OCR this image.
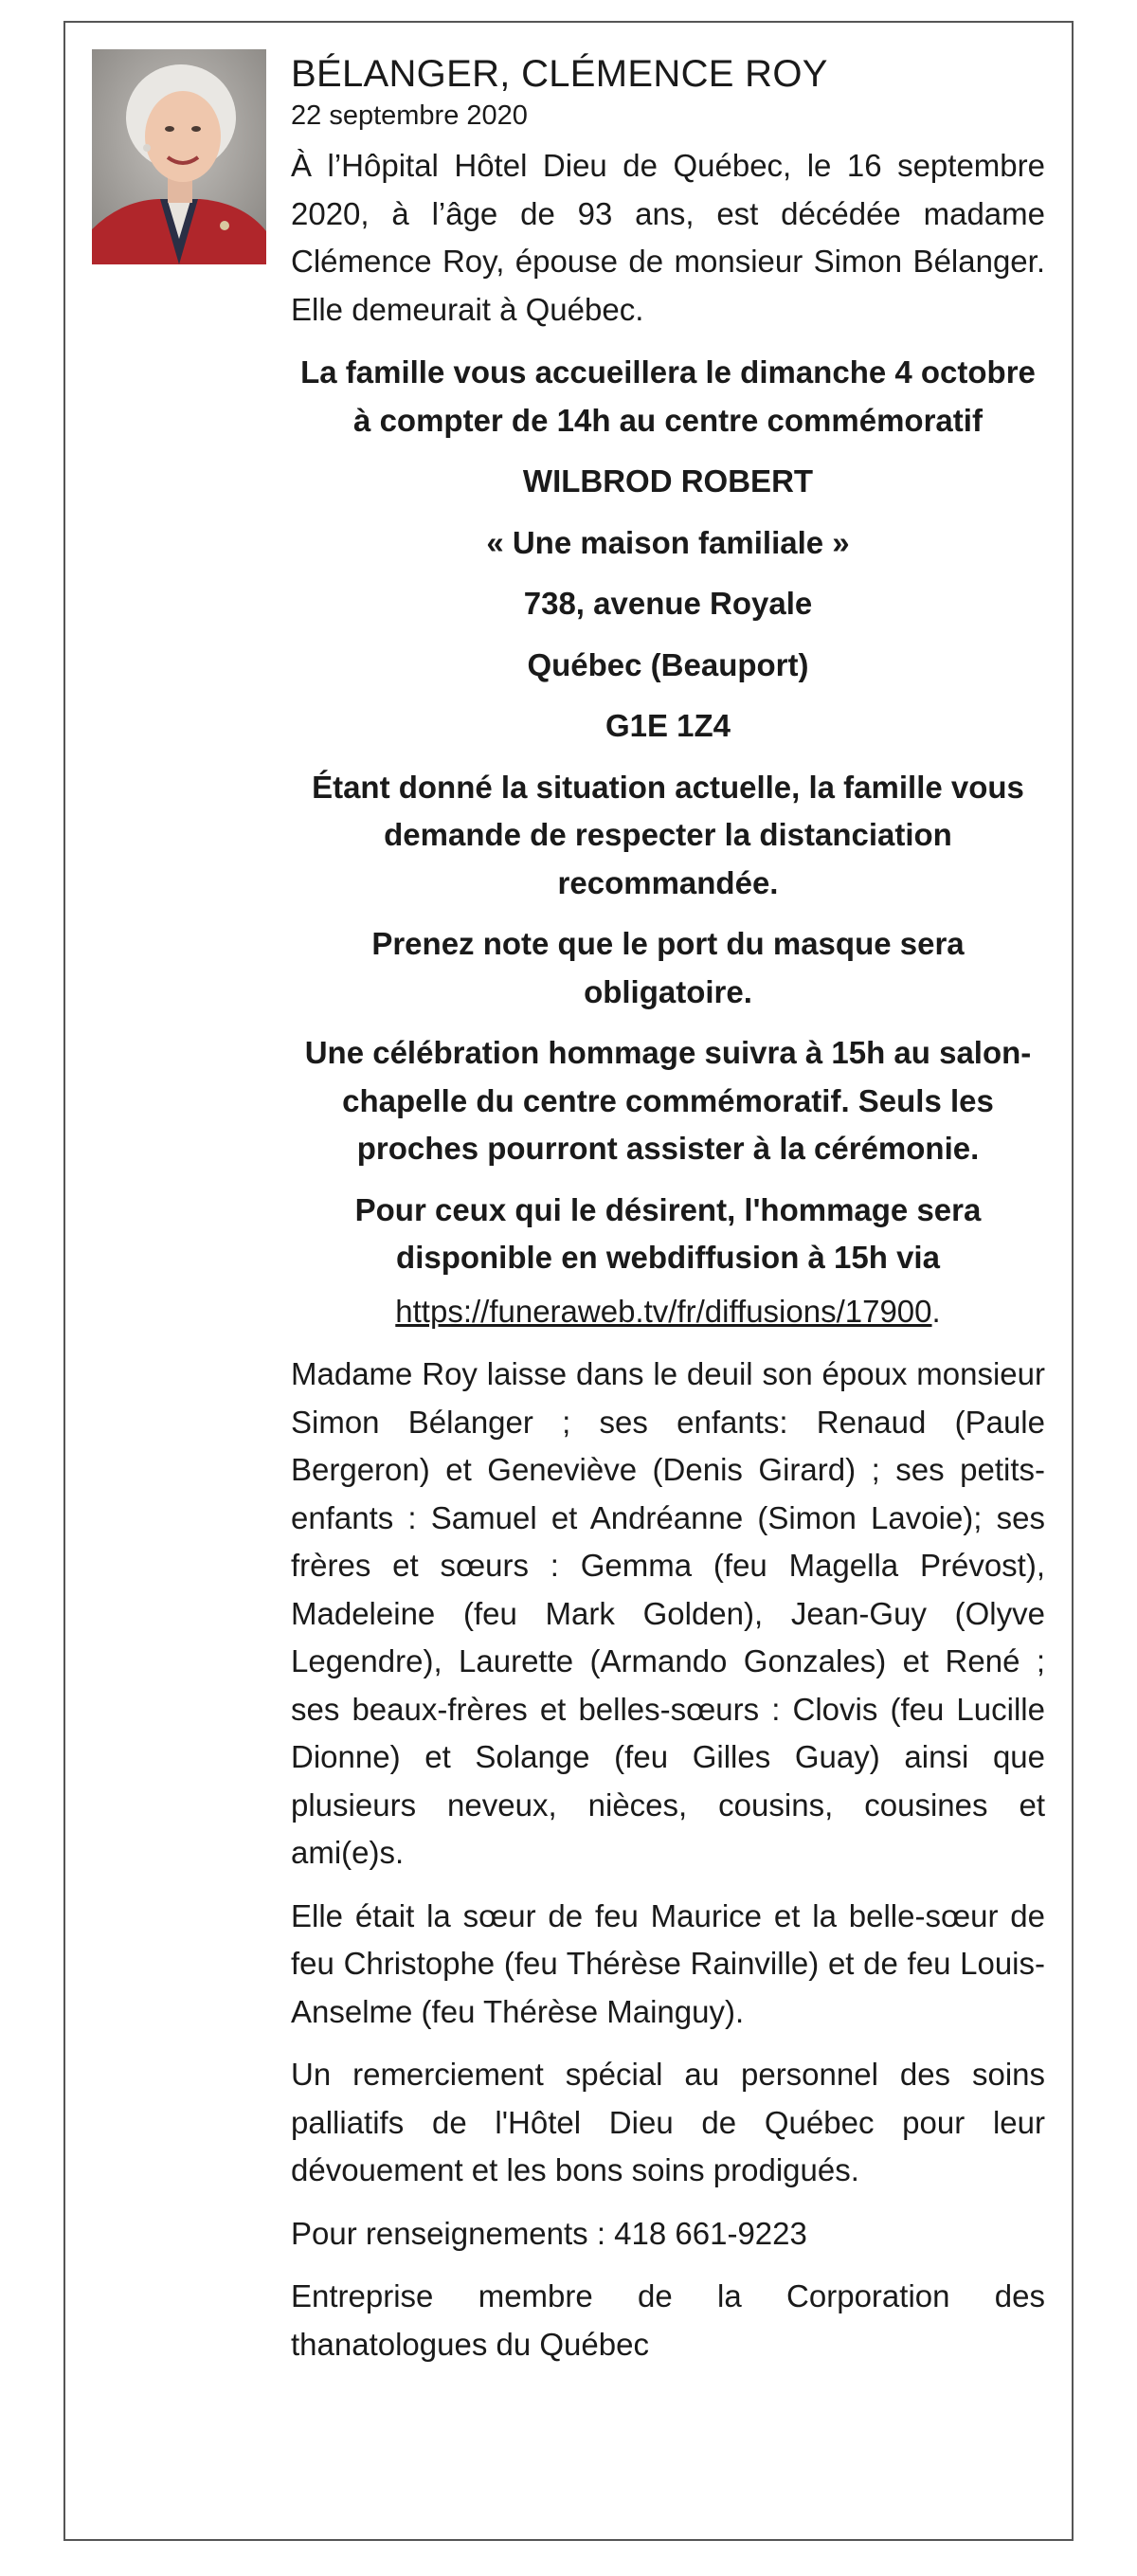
BÉLANGER, CLÉMENCE ROY

22 septembre 2020

À l’Hôpital Hôtel Dieu de Québec, le 16 septembre 2020, à l’âge de 93 ans, est décédée madame Clémence Roy, épouse de monsieur Simon Bélanger. Elle demeurait à Québec.

La famille vous accueillera le dimanche 4 octobre à compter de 14h au centre commémoratif

WILBROD ROBERT

« Une maison familiale »

738, avenue Royale

Québec (Beauport)

G1E 1Z4

Étant donné la situation actuelle, la famille vous demande de respecter la distanciation recommandée.

Prenez note que le port du masque sera obligatoire.

Une célébration hommage suivra à 15h au salon-chapelle du centre commémoratif. Seuls les proches pourront assister à la cérémonie.

Pour ceux qui le désirent, l'hommage sera disponible en webdiffusion à 15h via

https://funeraweb.tv/fr/diffusions/17900.

Madame Roy laisse dans le deuil son époux monsieur Simon Bélanger ; ses enfants: Renaud (Paule Bergeron) et Geneviève (Denis Girard) ; ses petits-enfants : Samuel et Andréanne (Simon Lavoie); ses frères et sœurs : Gemma (feu Magella Prévost), Madeleine (feu Mark Golden), Jean-Guy (Olyve Legendre), Laurette (Armando Gonzales) et René ; ses beaux-frères et belles-sœurs : Clovis (feu Lucille Dionne) et Solange (feu Gilles Guay) ainsi que plusieurs neveux, nièces, cousins, cousines et ami(e)s.

Elle était la sœur de feu Maurice et la belle-sœur de feu Christophe (feu Thérèse Rainville) et de feu Louis-Anselme (feu Thérèse Mainguy).

Un remerciement spécial au personnel des soins palliatifs de l'Hôtel Dieu de Québec pour leur dévouement et les bons soins prodigués.

Pour renseignements : 418 661-9223

Entreprise membre de la Corporation des thanatologues du Québec
